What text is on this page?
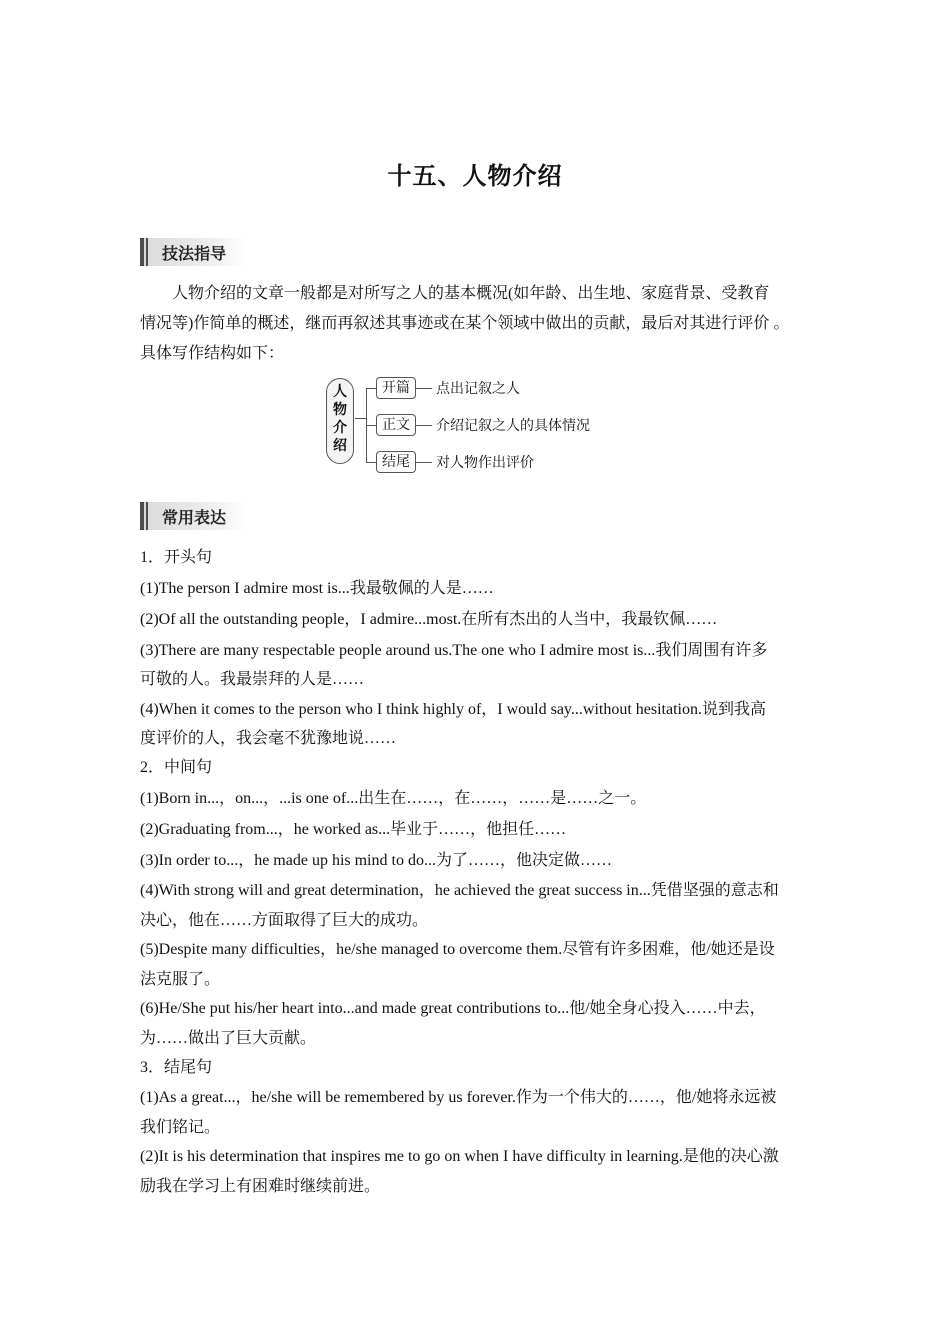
十五、人物介绍
技法指导
人物介绍的文章一般都是对所写之人的基本概况(如年龄、出生地、家庭背景、受教育
情况等)作简单的概述，继而再叙述其事迹或在某个领域中做出的贡献，最后对其进行评价 。
具体写作结构如下：
人
物
介
绍
开篇	点出记叙之人
正文	介绍记叙之人的具体情况
结尾	对人物作出评价
常用表达
1．开头句
(1)The person I admire most is...我最敬佩的人是……
(2)Of all the outstanding people，I admire...most.在所有杰出的人当中，我最钦佩……
(3)There are many respectable people around us.The one who I admire most is...我们周围有许多
可敬的人。我最崇拜的人是……
(4)When it comes to the person who I think highly of，I would say...without hesitation.说到我高
度评价的人，我会毫不犹豫地说……
2．中间句
(1)Born in...，on...，...is one of...出生在……，在……，……是……之一。
(2)Graduating from...，he worked as...毕业于……，他担任……
(3)In order to...，he made up his mind to do...为了……，他决定做……
(4)With strong will and great determination，he achieved the great success in...凭借坚强的意志和
决心，他在……方面取得了巨大的成功。
(5)Despite many difficulties，he/she managed to overcome them.尽管有许多困难，他/她还是设
法克服了。
(6)He/She put his/her heart into...and made great contributions to...他/她全身心投入……中去，
为……做出了巨大贡献。
3．结尾句
(1)As a great...，he/she will be remembered by us forever.作为一个伟大的……，他/她将永远被
我们铭记。
(2)It is his determination that inspires me to go on when I have difficulty in learning.是他的决心激
励我在学习上有困难时继续前进。
